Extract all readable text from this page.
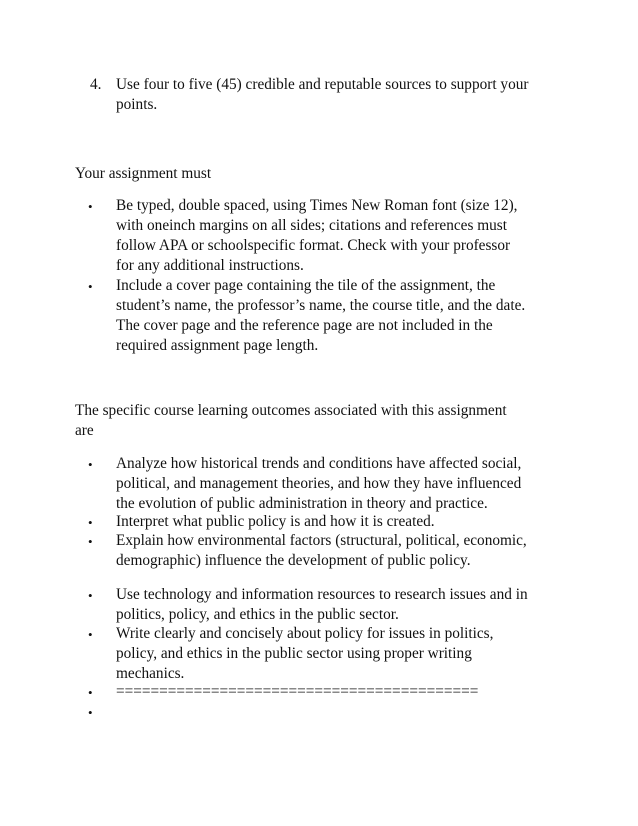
4. Use four to five (45) credible and reputable sources to support your
points.
Your assignment must
• Be typed, double spaced, using Times New Roman font (size 12),
with oneinch margins on all sides; citations and references must
follow APA or schoolspecific format. Check with your professor
for any additional instructions.
• Include a cover page containing the tile of the assignment, the
student’s name, the professor’s name, the course title, and the date.
The cover page and the reference page are not included in the
required assignment page length.
The specific course learning outcomes associated with this assignment
are
• Analyze how historical trends and conditions have affected social,
political, and management theories, and how they have influenced
the evolution of public administration in theory and practice.
• Interpret what public policy is and how it is created.
• Explain how environmental factors (structural, political, economic,
demographic) influence the development of public policy.
• Use technology and information resources to research issues and in
politics, policy, and ethics in the public sector.
• Write clearly and concisely about policy for issues in politics,
policy, and ethics in the public sector using proper writing
mechanics.
• ==========================================
•
